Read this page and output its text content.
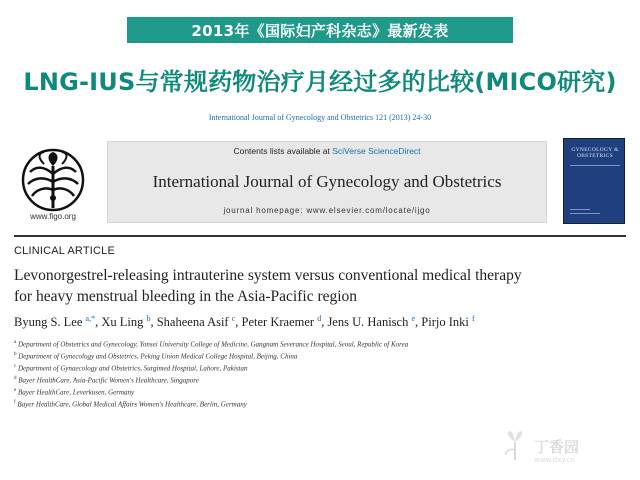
2013年《国际妇产科杂志》最新发表
LNG-IUS与常规药物治疗月经过多的比较(MICO研究)
International Journal of Gynecology and Obstetrics 121 (2013) 24-30
www.figo.org
Contents lists available at SciVerse ScienceDirect
International Journal of Gynecology and Obstetrics
journal homepage: www.elsevier.com/locate/ijgo
GYNECOLOGY & OBSTETRICS
CLINICAL ARTICLE
Levonorgestrel-releasing intrauterine system versus conventional medical therapy
for heavy menstrual bleeding in the Asia-Pacific region
Byung S. Lee $^{a,*}$, Xu Ling $^b$, Shaheena Asif $^c$, Peter Kraemer $^d$, Jens U. Hanisch $^e$, Pirjo Inki $^f$
$^a$ Department of Obstetrics and Gynecology, Yonsei University College of Medicine, Gangnam Severance Hospital, Seoul, Republic of Korea
$^b$ Department of Gynecology and Obstetrics, Peking Union Medical College Hospital, Beijing, China
$^c$ Department of Gynaecology and Obstetrics, Surgimed Hospital, Lahore, Pakistan
$^d$ Bayer HealthCare, Asia-Pacific Women's Healthcare, Singapore
$^e$ Bayer HealthCare, Leverkusen, Germany
$^f$ Bayer HealthCare, Global Medical Affairs Women's Healthcare, Berlin, Germany
丁香园
www.dxy.cn
